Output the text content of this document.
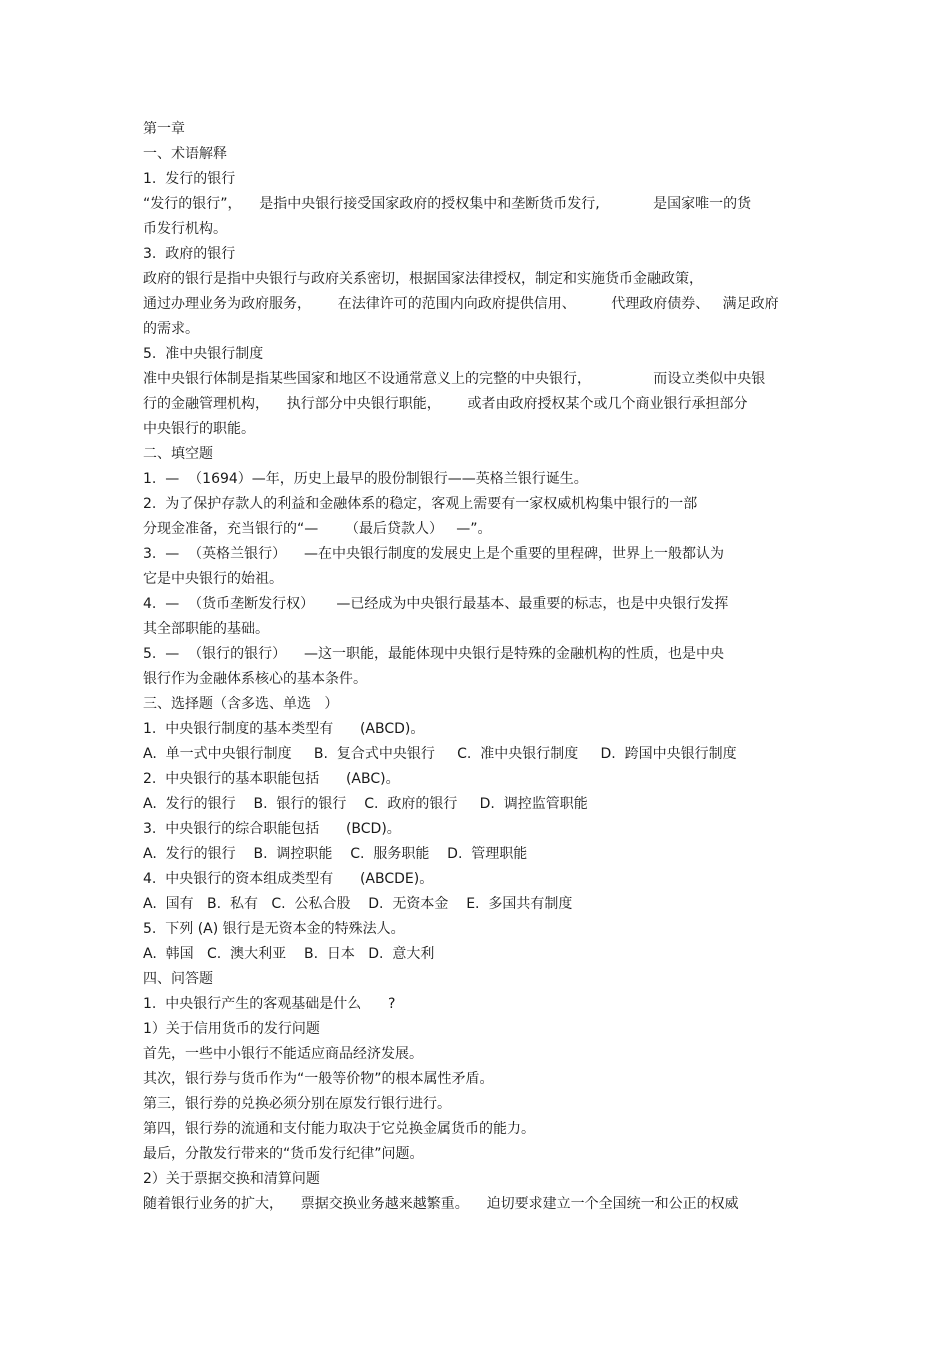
第一章
一、术语解释
1.  发行的银行
“发行的银行”，    是指中央银行接受国家政府的授权集中和垄断货币发行,            是国家唯一的货
币发行机构。
3.  政府的银行
政府的银行是指中央银行与政府关系密切，根据国家法律授权，制定和实施货币金融政策，
通过办理业务为政府服务，      在法律许可的范围内向政府提供信用、        代理政府债券、   满足政府
的需求。
5.  准中央银行制度
准中央银行体制是指某些国家和地区不设通常意义上的完整的中央银行，              而设立类似中央银
行的金融管理机构，    执行部分中央银行职能，      或者由政府授权某个或几个商业银行承担部分
中央银行的职能。
二、填空题
1.  —  （1694）—年，历史上最早的股份制银行——英格兰银行诞生。
2.  为了保护存款人的利益和金融体系的稳定，客观上需要有一家权威机构集中银行的一部
分现金准备，充当银行的“—      （最后贷款人）   —”。
3.  —  （英格兰银行）    —在中央银行制度的发展史上是个重要的里程碑，世界上一般都认为
它是中央银行的始祖。
4.  —  （货币垄断发行权）     —已经成为中央银行最基本、最重要的标志，也是中央银行发挥
其全部职能的基础。
5.  —  （银行的银行）    —这一职能，最能体现中央银行是特殊的金融机构的性质，也是中央
银行作为金融体系核心的基本条件。
三、选择题（含多选、单选   ）
1.  中央银行制度的基本类型有      (ABCD)。
A.  单一式中央银行制度     B.  复合式中央银行     C.  准中央银行制度     D.  跨国中央银行制度
2.  中央银行的基本职能包括      (ABC)。
A.  发行的银行    B.  银行的银行    C.  政府的银行     D.  调控监管职能
3.  中央银行的综合职能包括      (BCD)。
A.  发行的银行    B.  调控职能    C.  服务职能    D.  管理职能
4.  中央银行的资本组成类型有      (ABCDE)。
A.  国有   B.  私有   C.  公私合股    D.  无资本金    E.  多国共有制度
5.  下列 (A) 银行是无资本金的特殊法人。
A.  韩国   C.  澳大利亚    B.  日本   D.  意大利
四、问答题
1.  中央银行产生的客观基础是什么      ?
1）关于信用货币的发行问题
首先，一些中小银行不能适应商品经济发展。
其次，银行券与货币作为“一般等价物”的根本属性矛盾。
第三，银行券的兑换必须分别在原发行银行进行。
第四，银行券的流通和支付能力取决于它兑换金属货币的能力。
最后，分散发行带来的“货币发行纪律”问题。
2）关于票据交换和清算问题
随着银行业务的扩大，    票据交换业务越来越繁重。    迫切要求建立一个全国统一和公正的权威
